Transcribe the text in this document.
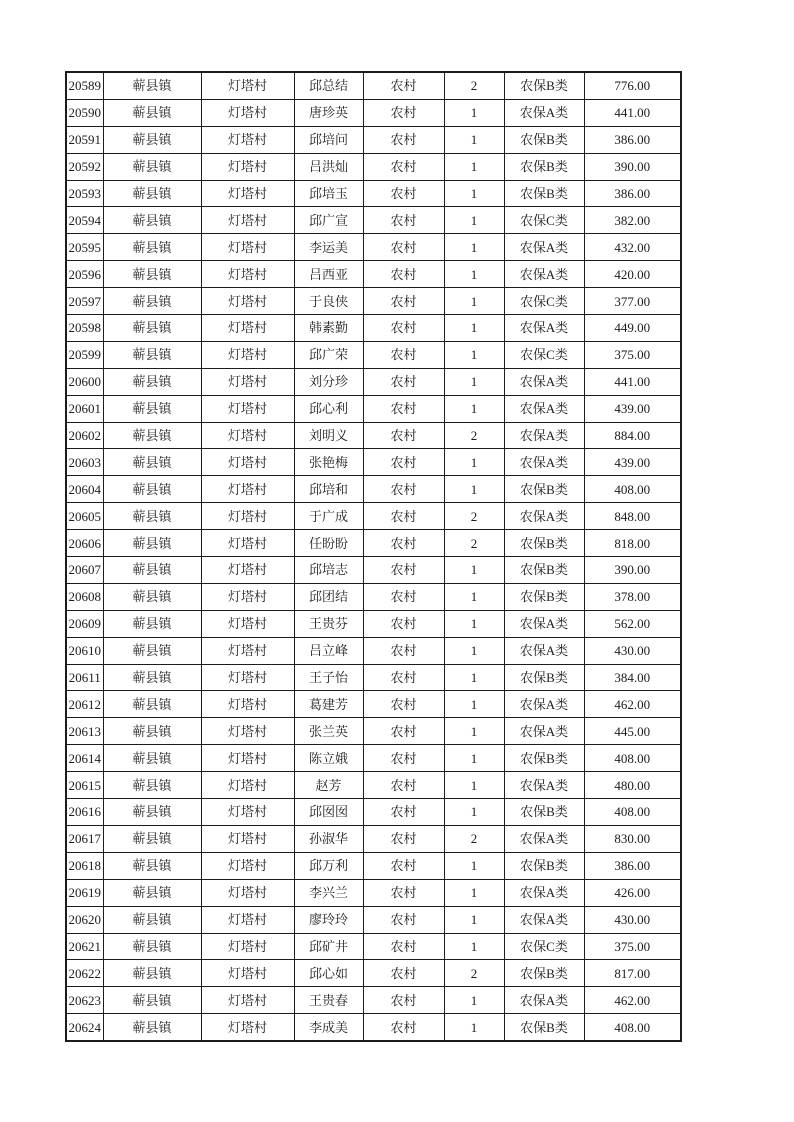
20589	蕲县镇	灯塔村	邱总结	农村	2	农保B类	776.00
20590	蕲县镇	灯塔村	唐珍英	农村	1	农保A类	441.00
20591	蕲县镇	灯塔村	邱培问	农村	1	农保B类	386.00
20592	蕲县镇	灯塔村	吕洪灿	农村	1	农保B类	390.00
20593	蕲县镇	灯塔村	邱培玉	农村	1	农保B类	386.00
20594	蕲县镇	灯塔村	邱广宣	农村	1	农保C类	382.00
20595	蕲县镇	灯塔村	李运美	农村	1	农保A类	432.00
20596	蕲县镇	灯塔村	吕西亚	农村	1	农保A类	420.00
20597	蕲县镇	灯塔村	于良侠	农村	1	农保C类	377.00
20598	蕲县镇	灯塔村	韩素勤	农村	1	农保A类	449.00
20599	蕲县镇	灯塔村	邱广荣	农村	1	农保C类	375.00
20600	蕲县镇	灯塔村	刘分珍	农村	1	农保A类	441.00
20601	蕲县镇	灯塔村	邱心利	农村	1	农保A类	439.00
20602	蕲县镇	灯塔村	刘明义	农村	2	农保A类	884.00
20603	蕲县镇	灯塔村	张艳梅	农村	1	农保A类	439.00
20604	蕲县镇	灯塔村	邱培和	农村	1	农保B类	408.00
20605	蕲县镇	灯塔村	于广成	农村	2	农保A类	848.00
20606	蕲县镇	灯塔村	任盼盼	农村	2	农保B类	818.00
20607	蕲县镇	灯塔村	邱培志	农村	1	农保B类	390.00
20608	蕲县镇	灯塔村	邱团结	农村	1	农保B类	378.00
20609	蕲县镇	灯塔村	王贵芬	农村	1	农保A类	562.00
20610	蕲县镇	灯塔村	吕立峰	农村	1	农保A类	430.00
20611	蕲县镇	灯塔村	王子怡	农村	1	农保B类	384.00
20612	蕲县镇	灯塔村	葛建芳	农村	1	农保A类	462.00
20613	蕲县镇	灯塔村	张兰英	农村	1	农保A类	445.00
20614	蕲县镇	灯塔村	陈立娥	农村	1	农保B类	408.00
20615	蕲县镇	灯塔村	赵芳	农村	1	农保A类	480.00
20616	蕲县镇	灯塔村	邱囡囡	农村	1	农保B类	408.00
20617	蕲县镇	灯塔村	孙淑华	农村	2	农保A类	830.00
20618	蕲县镇	灯塔村	邱万利	农村	1	农保B类	386.00
20619	蕲县镇	灯塔村	李兴兰	农村	1	农保A类	426.00
20620	蕲县镇	灯塔村	廖玲玲	农村	1	农保A类	430.00
20621	蕲县镇	灯塔村	邱矿井	农村	1	农保C类	375.00
20622	蕲县镇	灯塔村	邱心如	农村	2	农保B类	817.00
20623	蕲县镇	灯塔村	王贵春	农村	1	农保A类	462.00
20624	蕲县镇	灯塔村	李成美	农村	1	农保B类	408.00
